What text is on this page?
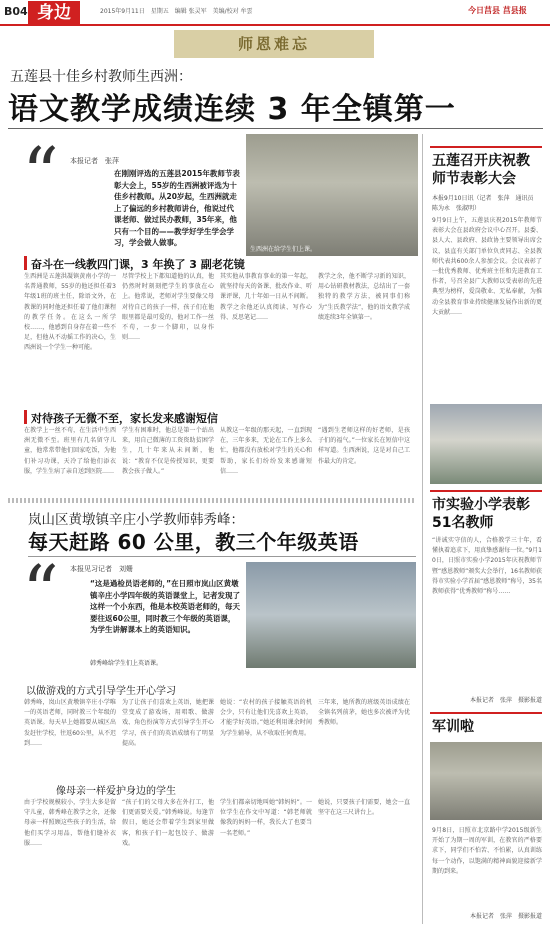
B04 身边	2015年9月11日　星期五　编辑 张灵军　美编/校对 牟雲	今日莒县 莒县报
师恩难忘
五莲县十佳乡村教师生西洲：
语文教学成绩连续 3 年全镇第一
“ 本报记者　张萍
在刚刚评选的五莲县2015年教师节表彰大会上，55岁的生西洲被评选为十佳乡村教师。从20岁起，生西洲就走上了偏远的乡村教师讲台，他说过代课老师、做过民办教师，35年来，他只有一个目的——教学好学生学会学习，学会做人做事。
生西洲在给学生们上课。
奋斗在一线教四门课，3 年换了 3 副老花镜
生西洲是五莲洪凝镇黄南小学的一名普通教师，55岁的他还担任着3年级1班的班主任，除语文外，在教课的同时他还担任着了他们课程的教学任务。在这么一所学校……，他感到自身存在着一些不足，但他从不动摇工作的决心，生西洲说一个学生一种可能。
尽管学校上下都知道他的认真，他仍然时时刻刻把学生的事放在心上。他常说，老师对学生要像父母对待自己的孩子一样，孩子们在他眼里都是最可爱的，他对工作一丝不苟，一步一个脚印，以身作则……
其实他从事教育事业的第一年起，就坚持每天的备课、批改作业、听课评课，几十年如一日从不间断。教学之余他还认真阅读、写作心得、反思笔记……
教学之余，他不断学习新的知识，用心钻研教材教法，总结出了一套独特的教学方法，被同事们称为“生氏教学法”，他的语文教学成绩连续3年全镇第一。
对待孩子无微不至，家长发来感谢短信
在教学上一丝不苟，在生活中生西洲无微不至。班里有几名留守儿童，他常常带他们回家吃饭，为他们补习功课，天冷了给他们添衣服，学生生病了亲自送到医院……
学生有困难时，他总是第一个站出来，用自己微薄的工资资助贫困学生，几十年来从未间断，他说：“教育不仅是传授知识，更要教会孩子做人。”
从教这一年级的那天起，一直到现在，三年多来，无论在工作上多么忙，他都没有放松对学生的关心和帮助，家长们纷纷发来感谢短信……
“遇到生老师这样的好老师，是孩子们的福气。”一位家长在短信中这样写道。生西洲说，这是对自己工作最大的肯定。
岚山区黄墩镇辛庄小学教师韩秀峰：
每天赶路 60 公里，教三个年级英语
“ 本报见习记者　刘姗
“这是過检员语老师的，”在日照市岚山区黄墩镇辛庄小学四年级的英语课堂上，记者发现了这样一个小东西，他是本校英语老师的，每天要往返60公里，同时教三个年级的英语课，为学生讲解课本上的英语知识。
韩秀峰给学生们上英语课。
以做游戏的方式引导学生开心学习
韩秀峰，岚山区黄墩镇辛庄小学唯一的英语老师，同时教三个年级的英语课。每天早上她都要从城区出发赶往学校，往返60公里，从不迟到……
为了让孩子们喜欢上英语，她把课堂变成了游戏场，用唱歌、做游戏、角色扮演等方式引导学生开心学习，孩子们的英语成绩有了明显提高。
她说：“农村的孩子接触英语的机会少，只有让他们先喜欢上英语，才能学好英语。”她还利用课余时间为学生辅导，从不收取任何费用。
三年来，她所教的班级英语成绩在全镇名列前茅，她也多次被评为优秀教师。
像母亲一样爱护身边的学生
由于学校规模较小，学生大多是留守儿童，韩秀峰在教学之余，还像母亲一样照顾这些孩子的生活，给他们买学习用品，帮他们缝补衣服……
“孩子们的父母大多在外打工，他们更需要关爱。”韩秀峰说。每逢节假日，她还会带着学生到家里做客，和孩子们一起包饺子、做游戏。
学生们都亲切地叫她“韩妈妈”。一位学生在作文中写道：“韩老师就像我的妈妈一样，我长大了也要当一名老师。”
她说，只要孩子们需要，她会一直坚守在这三尺讲台上。
五莲召开庆祝教师节表彰大会
本报9月10日讯（记者　张萍　通讯员　陈为永　张淑明）
9月9日上午，五莲县庆祝2015年教师节表彰大会在县政府会议中心召开。县委、县人大、县政府、县政协主要领导出席会议，县直有关部门单位负责同志、全县教师代表共600余人参加会议。会议表彰了一批优秀教师、优秀班主任和先进教育工作者，号召全县广大教师以受表彰的先进典型为榜样，爱岗敬业、无私奉献，为推动全县教育事业持续健康发展作出新的更大贡献……
市实验小学表彰51名教师
“讲诚实守信的人，合格教学三十年，看懂执着追求下，用真挚感谢每一位。”9月10日，日照市实验小学2015年庆祝教师节暨“感恩教师”颁奖大会举行，16名教师获得市实验小学首届“感恩教师”称号，35名教师获得“优秀教师”称号……
本报记者　张萍　摄影报道
军训啦
9月8日，日照市北京路中学2015级新生开始了为期一周的军训，在教官的严格要求下，同学们不怕苦、不怕累，认真训练每一个动作，以饱满的精神面貌迎接新学期的到来。
本报记者　张萍　摄影报道
